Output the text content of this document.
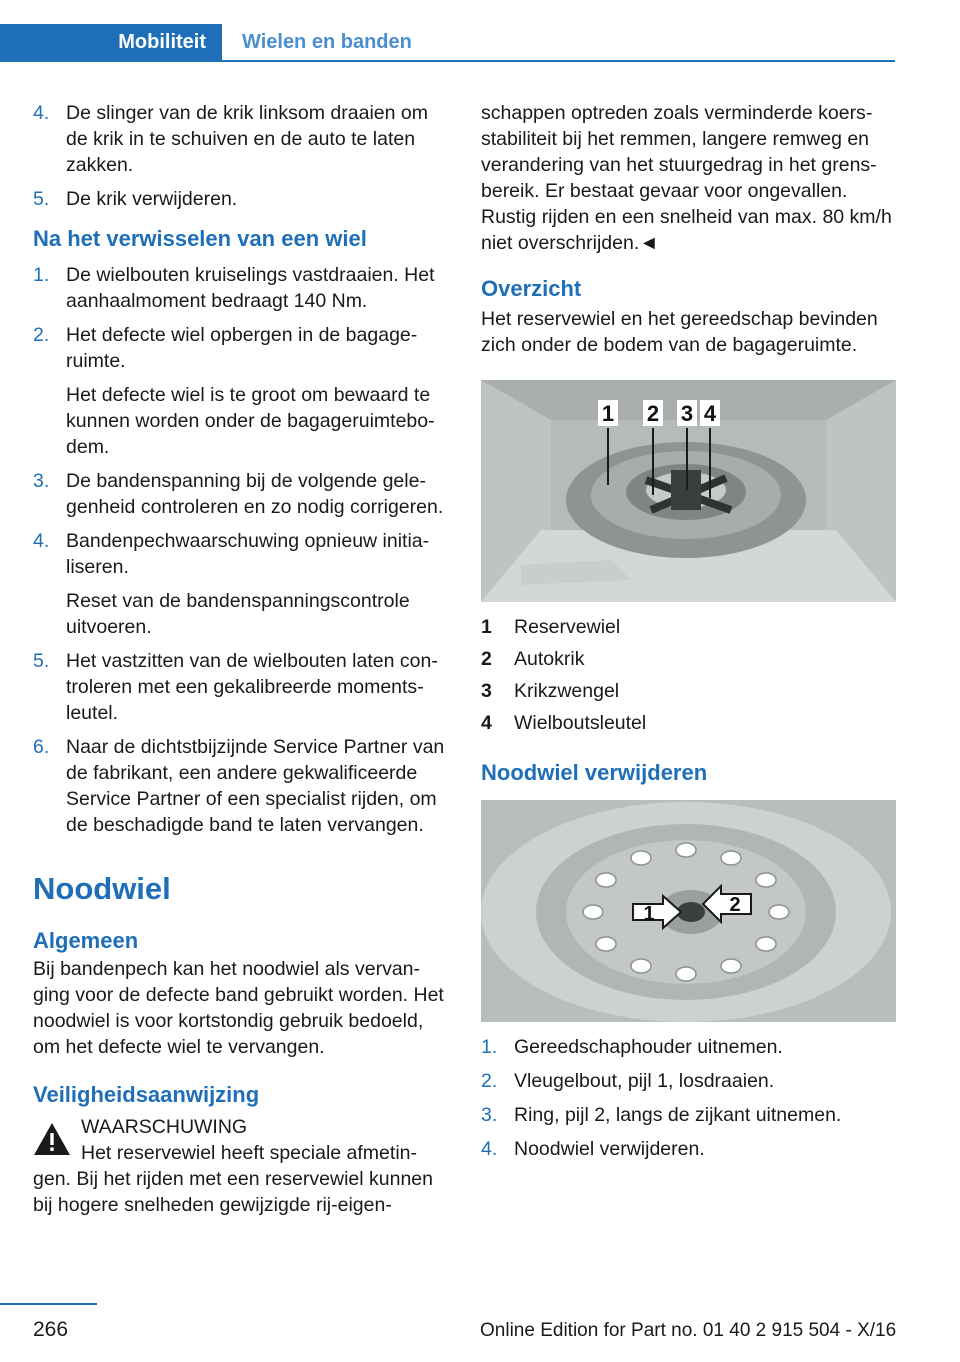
Mobiliteit	Wielen en banden
4. De slinger van de krik linksom draaien om de krik in te schuiven en de auto te laten zakken.
5. De krik verwijderen.
Na het verwisselen van een wiel
1. De wielbouten kruiselings vastdraaien. Het aanhaalmoment bedraagt 140 Nm.
2. Het defecte wiel opbergen in de bagageruimte.
Het defecte wiel is te groot om bewaard te kunnen worden onder de bagageruimtebodem.
3. De bandenspanning bij de volgende gelegenheid controleren en zo nodig corrigeren.
4. Bandenpechwaarschuwing opnieuw initialiseren.
Reset van de bandenspanningscontrole uitvoeren.
5. Het vastzitten van de wielbouten laten controleren met een gekalibreerde momentsleutel.
6. Naar de dichtstbijzijnde Service Partner van de fabrikant, een andere gekwalificeerde Service Partner of een specialist rijden, om de beschadigde band te laten vervangen.
Noodwiel
Algemeen

Bij bandenpech kan het noodwiel als vervanging voor de defecte band gebruikt worden. Het noodwiel is voor kortstondig gebruik bedoeld, om het defecte wiel te vervangen.

Veiligheidsaanwijzing
WAARSCHUWING
Het reservewiel heeft speciale afmetin-

gen. Bij het rijden met een reservewiel kunnen bij hogere snelheden gewijzigde rij-eigen-

schappen optreden zoals verminderde koersstabiliteit bij het remmen, langere remweg en verandering van het stuurgedrag in het grensbereik. Er bestaat gevaar voor ongevallen. Rustig rijden en een snelheid van max. 80 km/h niet overschrijden.◄

Overzicht

Het reservewiel en het gereedschap bevinden zich onder de bodem van de bagageruimte.

1 2 3 4
1	Reservewiel
2	Autokrik
3	Krikzwengel
4	Wielboutsleutel
Noodwiel verwijderen
1	2
1. Gereedschaphouder uitnemen.
2. Vleugelbout, pijl 1, losdraaien.
3. Ring, pijl 2, langs de zijkant uitnemen.
4. Noodwiel verwijderen.
266	Online Edition for Part no. 01 40 2 915 504 - X/16
